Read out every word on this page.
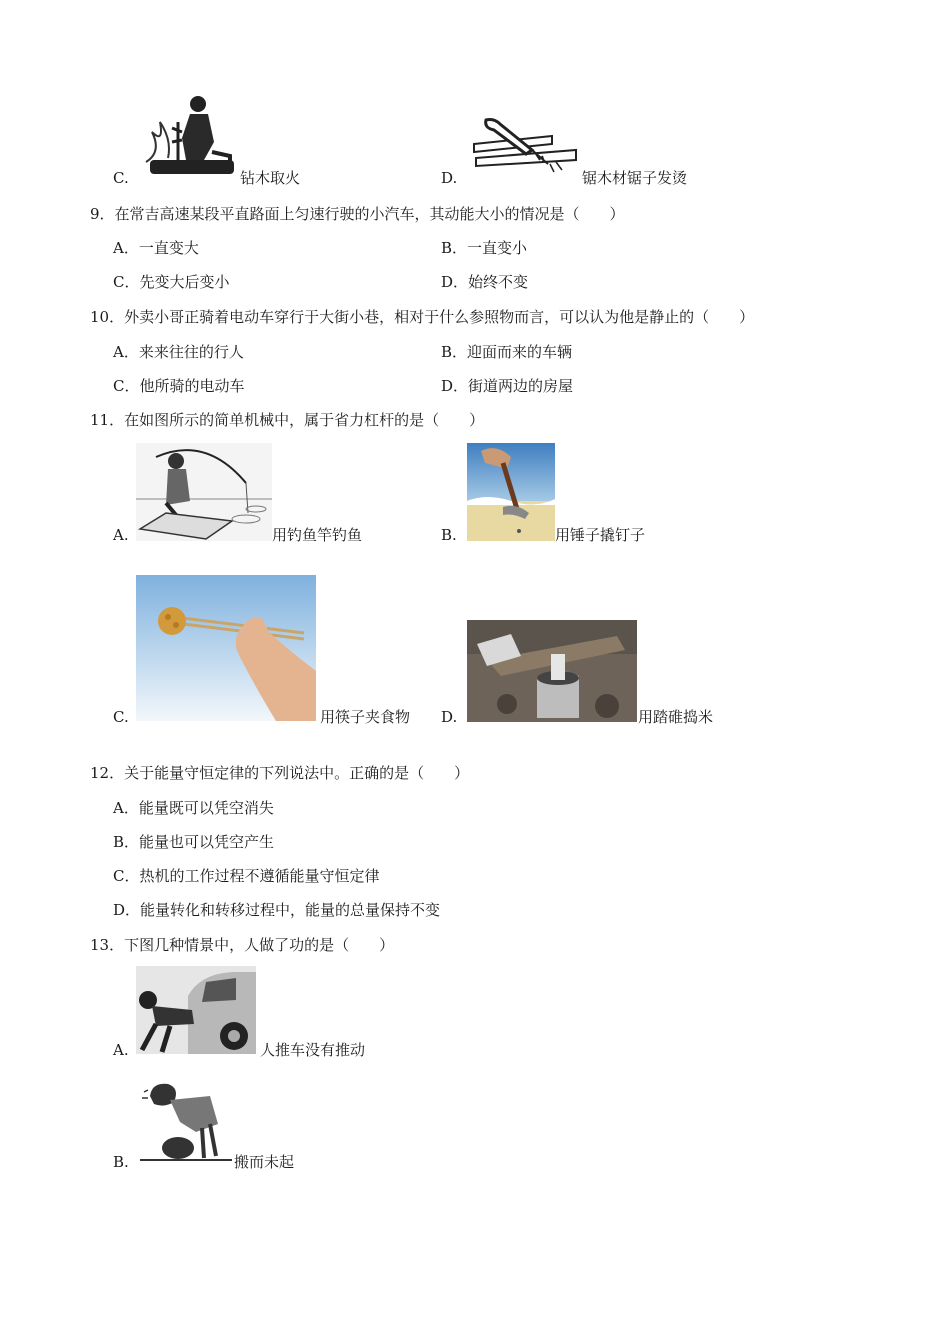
C.	钻木取火	D.	锯木材锯子发烫
9．在常吉高速某段平直路面上匀速行驶的小汽车，其动能大小的情况是（　　）
A．一直变大	B．一直变小
C．先变大后变小	D．始终不变
10．外卖小哥正骑着电动车穿行于大街小巷，相对于什么参照物而言，可以认为他是静止的（　　）
A．来来往往的行人	B．迎面而来的车辆
C．他所骑的电动车	D．街道两边的房屋
11．在如图所示的简单机械中，属于省力杠杆的是（　　）
A.	用钓鱼竿钓鱼	B.	用锤子撬钉子
C.	用筷子夹食物 D.	用踏碓捣米
12．关于能量守恒定律的下列说法中。正确的是（　　）
A．能量既可以凭空消失
B．能量也可以凭空产生
C．热机的工作过程不遵循能量守恒定律
D．能量转化和转移过程中，能量的总量保持不变
13．下图几种情景中，人做了功的是（　　）
A.	人推车没有推动
B.	搬而未起
